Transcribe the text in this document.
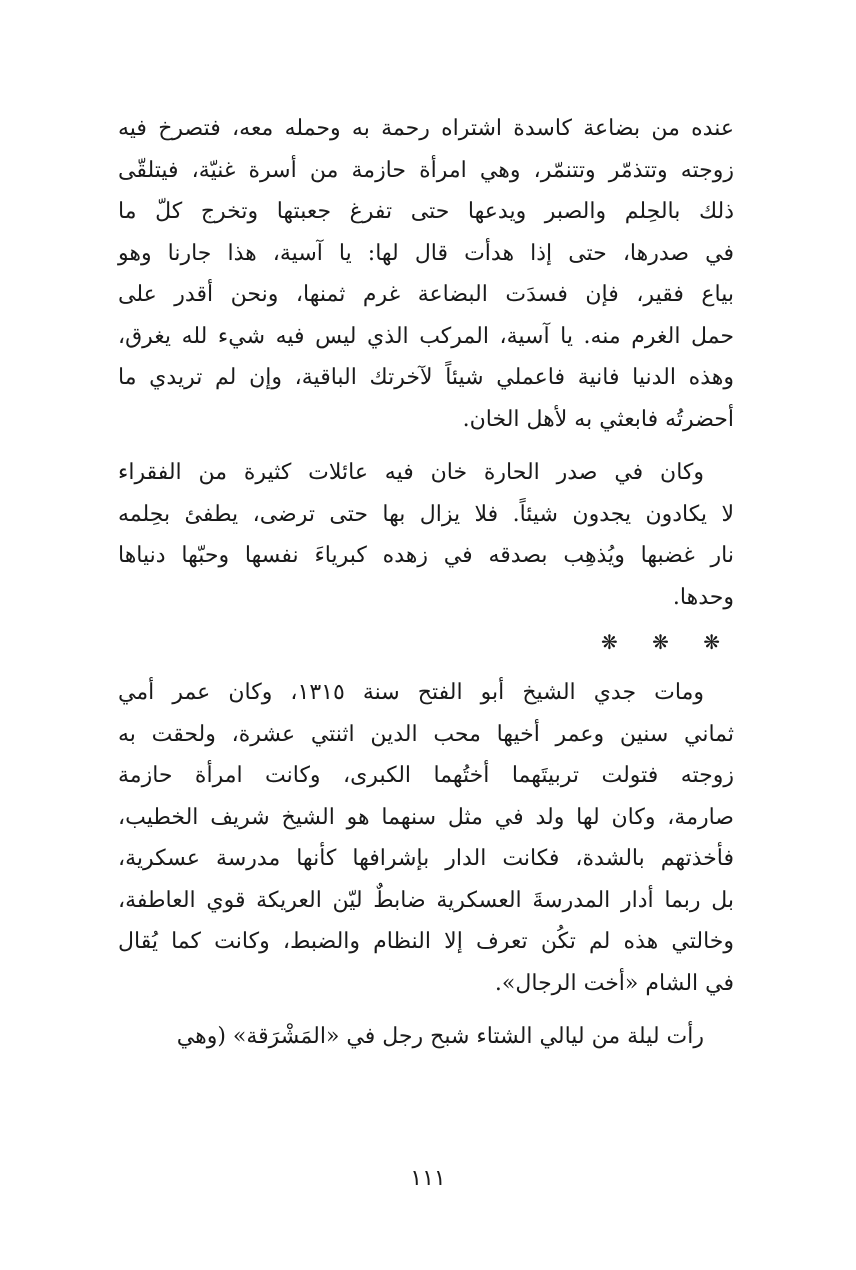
عنده من بضاعة كاسدة اشتراه رحمة به وحمله معه، فتصرخ فيه
زوجته وتتذمّر وتتنمّر، وهي امرأة حازمة من أسرة غنيّة، فيتلقّى
ذلك بالحِلم والصبر ويدعها حتى تفرغ جعبتها وتخرج كلّ ما
في صدرها، حتى إذا هدأت قال لها: يا آسية، هذا جارنا وهو
بياع فقير، فإن فسدَت البضاعة غرم ثمنها، ونحن أقدر على
حمل الغرم منه. يا آسية، المركب الذي ليس فيه شيء لله يغرق،
وهذه الدنيا فانية فاعملي شيئاً لآخرتك الباقية، وإن لم تريدي ما
أحضرتُه فابعثي به لأهل الخان.

وكان في صدر الحارة خان فيه عائلات كثيرة من الفقراء
لا يكادون يجدون شيئاً. فلا يزال بها حتى ترضى، يطفئ بحِلمه
نار غضبها ويُذهِب بصدقه في زهده كبرياءَ نفسها وحبّها دنياها
وحدها.

❋ ❋ ❋

ومات جدي الشيخ أبو الفتح سنة ١٣١٥، وكان عمر أمي
ثماني سنين وعمر أخيها محب الدين اثنتي عشرة، ولحقت به
زوجته فتولت تربيتَهما أختُهما الكبرى، وكانت امرأة حازمة
صارمة، وكان لها ولد في مثل سنهما هو الشيخ شريف الخطيب،
فأخذتهم بالشدة، فكانت الدار بإشرافها كأنها مدرسة عسكرية،
بل ربما أدار المدرسةَ العسكرية ضابطٌ ليّن العريكة قوي العاطفة،
وخالتي هذه لم تكُن تعرف إلا النظام والضبط، وكانت كما يُقال
في الشام «أخت الرجال».

رأت ليلة من ليالي الشتاء شبح رجل في «المَشْرَقة» (وهي

١١١
